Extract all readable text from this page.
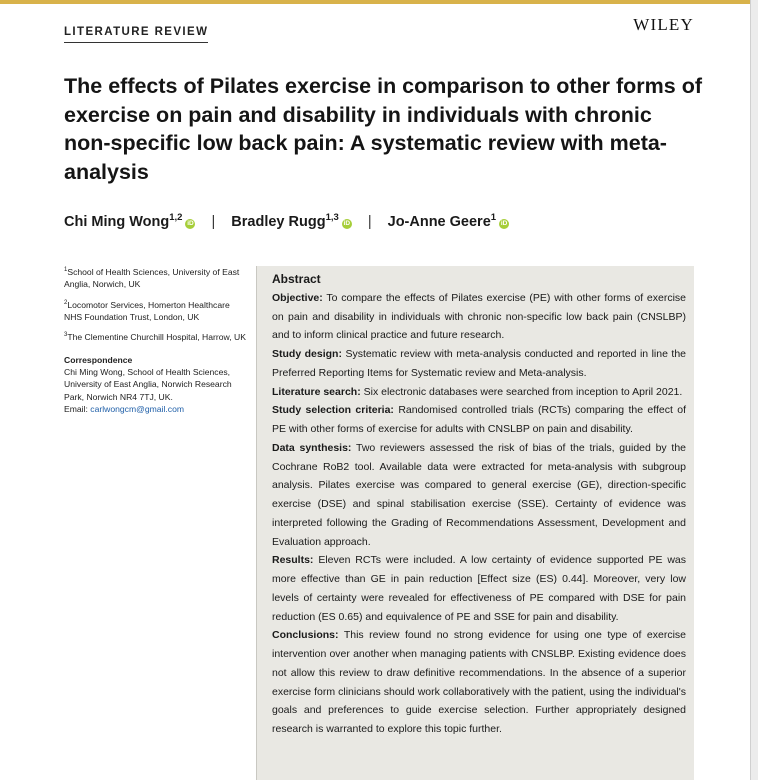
LITERATURE REVIEW	WILEY
The effects of Pilates exercise in comparison to other forms of exercise on pain and disability in individuals with chronic non-specific low back pain: A systematic review with meta-analysis
Chi Ming Wong$^{1,2}$iD | Bradley Rugg$^{1,3}$iD | Jo-Anne Geere$^1$iD
$^1$School of Health Sciences, University of East Anglia, Norwich, UK
$^2$Locomotor Services, Homerton Healthcare NHS Foundation Trust, London, UK
$^3$The Clementine Churchill Hospital, Harrow, UK
Correspondence
Chi Ming Wong, School of Health Sciences, University of East Anglia, Norwich Research Park, Norwich NR4 7TJ, UK.
Email: carlwongcm@gmail.com
Abstract

Objective: To compare the effects of Pilates exercise (PE) with other forms of exercise on pain and disability in individuals with chronic non-specific low back pain (CNSLBP) and to inform clinical practice and future research.

Study design: Systematic review with meta-analysis conducted and reported in line the Preferred Reporting Items for Systematic review and Meta-analysis.

Literature search: Six electronic databases were searched from inception to April 2021.

Study selection criteria: Randomised controlled trials (RCTs) comparing the effect of PE with other forms of exercise for adults with CNSLBP on pain and disability.

Data synthesis: Two reviewers assessed the risk of bias of the trials, guided by the Cochrane RoB2 tool. Available data were extracted for meta-analysis with subgroup analysis. Pilates exercise was compared to general exercise (GE), direction-specific exercise (DSE) and spinal stabilisation exercise (SSE). Certainty of evidence was interpreted following the Grading of Recommendations Assessment, Development and Evaluation approach.

Results: Eleven RCTs were included. A low certainty of evidence supported PE was more effective than GE in pain reduction [Effect size (ES) 0.44]. Moreover, very low levels of certainty were revealed for effectiveness of PE compared with DSE for pain reduction (ES 0.65) and equivalence of PE and SSE for pain and disability.

Conclusions: This review found no strong evidence for using one type of exercise intervention over another when managing patients with CNSLBP. Existing evidence does not allow this review to draw definitive recommendations. In the absence of a superior exercise form clinicians should work collaboratively with the patient, using the individual's goals and preferences to guide exercise selection. Further appropriately designed research is warranted to explore this topic further.
